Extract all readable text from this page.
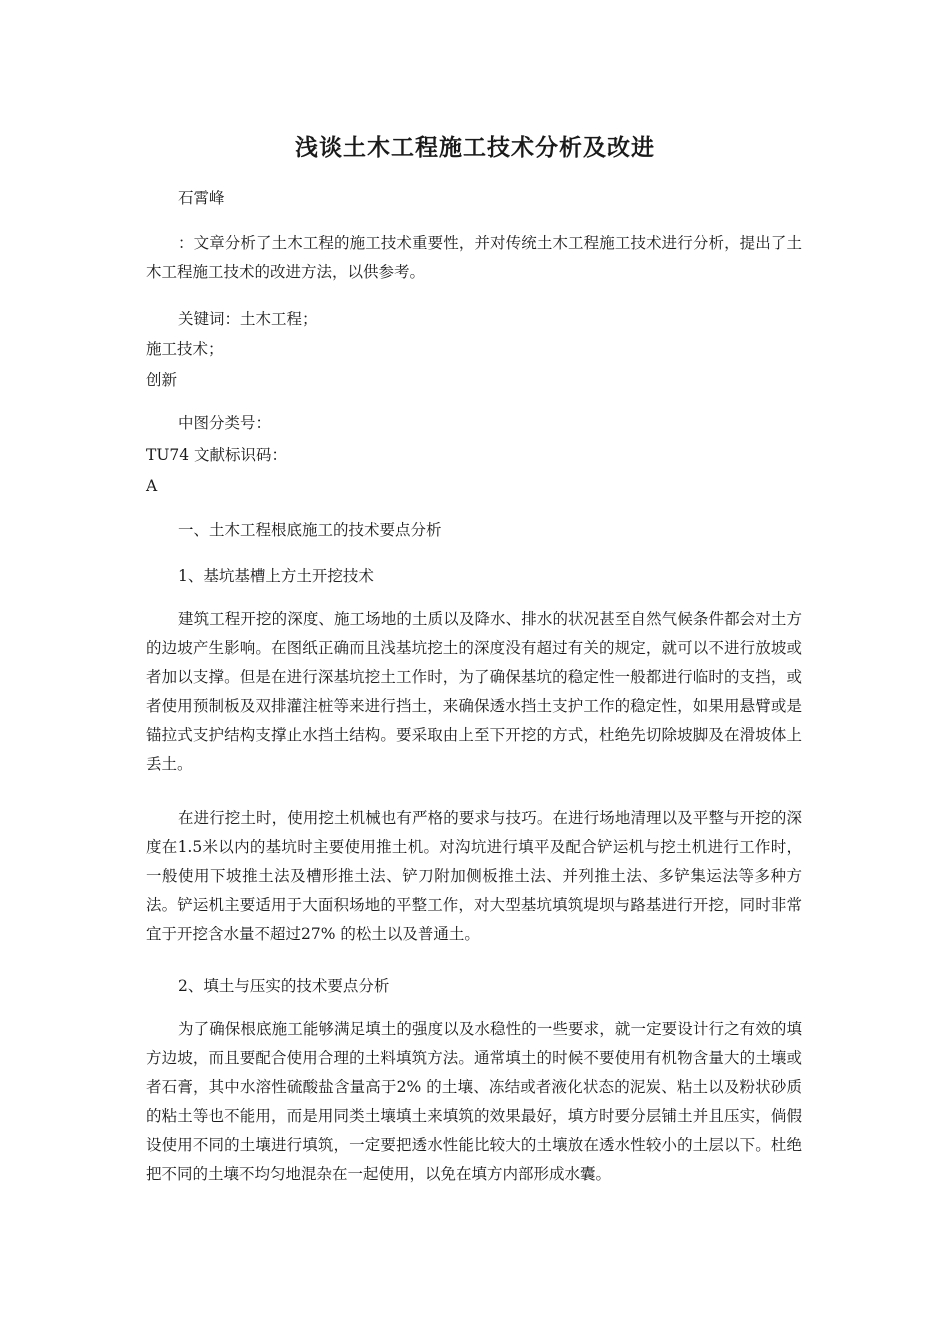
浅谈土木工程施工技术分析及改进
石霄峰

：文章分析了土木工程的施工技术重要性，并对传统土木工程施工技术进行分析，提出了土木工程施工技术的改进方法，以供参考。

关键词：土木工程；
施工技术；
创新
中图分类号：
TU74 文献标识码：
A
一、土木工程根底施工的技术要点分析
1、基坑基槽上方土开挖技术

建筑工程开挖的深度、施工场地的土质以及降水、排水的状况甚至自然气候条件都会对土方的边坡产生影响。在图纸正确而且浅基坑挖土的深度没有超过有关的规定，就可以不进行放坡或者加以支撑。但是在进行深基坑挖土工作时，为了确保基坑的稳定性一般都进行临时的支挡，或者使用预制板及双排灌注桩等来进行挡土，来确保透水挡土支护工作的稳定性，如果用悬臂或是锚拉式支护结构支撑止水挡土结构。要采取由上至下开挖的方式，杜绝先切除坡脚及在滑坡体上丢土。

在进行挖土时，使用挖土机械也有严格的要求与技巧。在进行场地清理以及平整与开挖的深度在1.5米以内的基坑时主要使用推土机。对沟坑进行填平及配合铲运机与挖土机进行工作时，一般使用下坡推土法及槽形推土法、铲刀附加侧板推土法、并列推土法、多铲集运法等多种方法。铲运机主要适用于大面积场地的平整工作，对大型基坑填筑堤坝与路基进行开挖，同时非常宜于开挖含水量不超过27% 的松土以及普通土。

2、填土与压实的技术要点分析

为了确保根底施工能够满足填土的强度以及水稳性的一些要求，就一定要设计行之有效的填方边坡，而且要配合使用合理的土料填筑方法。通常填土的时候不要使用有机物含量大的土壤或者石膏，其中水溶性硫酸盐含量高于2% 的土壤、冻结或者液化状态的泥炭、粘土以及粉状砂质的粘土等也不能用，而是用同类土壤填土来填筑的效果最好，填方时要分层铺土并且压实，倘假设使用不同的土壤进行填筑，一定要把透水性能比较大的土壤放在透水性较小的土层以下。杜绝把不同的土壤不均匀地混杂在一起使用，以免在填方内部形成水囊。
